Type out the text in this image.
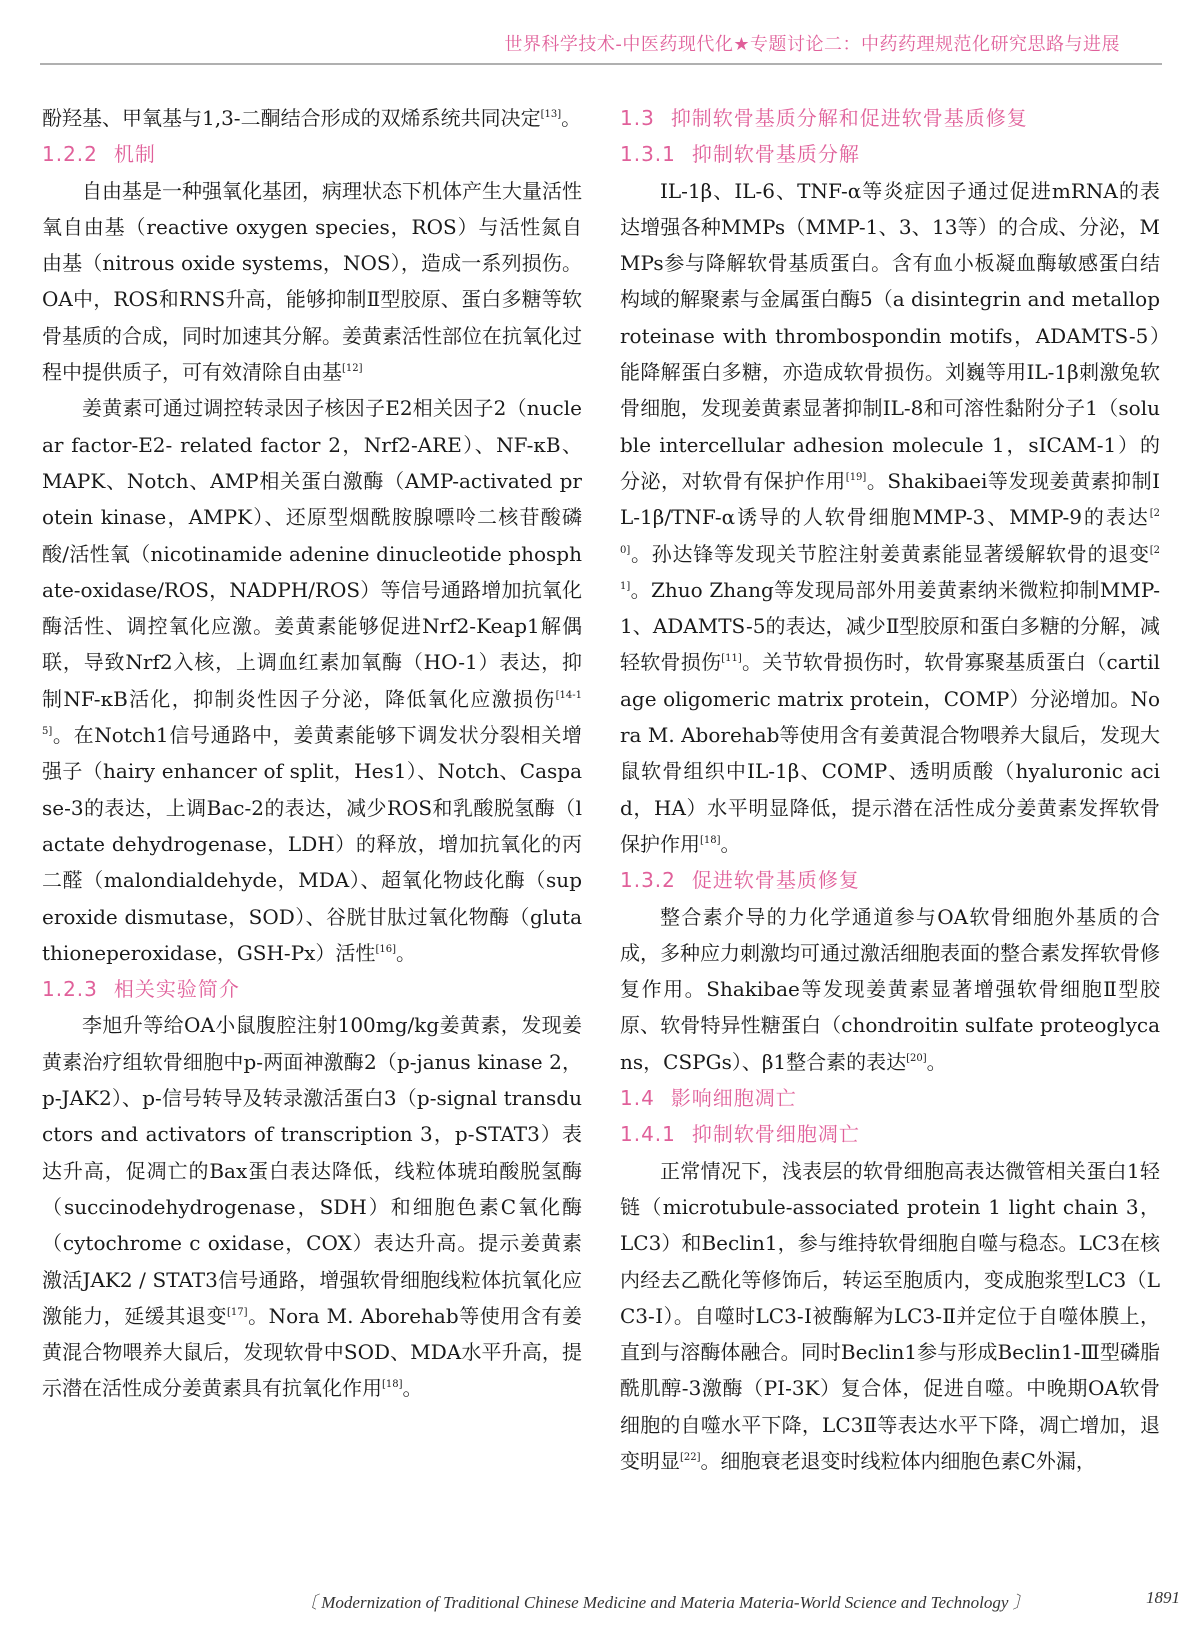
世界科学技术-中医药现代化★专题讨论二：中药药理规范化研究思路与进展

酚羟基、甲氧基与1,3-二酮结合形成的双烯系统共同决定[13]。

1.2.2 机制

自由基是一种强氧化基团，病理状态下机体产生大量活性氧自由基（reactive oxygen species，ROS）与活性氮自由基（nitrous oxide systems，NOS），造成一系列损伤。OA中，ROS和RNS升高，能够抑制Ⅱ型胶原、蛋白多糖等软骨基质的合成，同时加速其分解。姜黄素活性部位在抗氧化过程中提供质子，可有效清除自由基[12]

姜黄素可通过调控转录因子核因子E2相关因子2（nuclear factor-E2- related factor 2，Nrf2-ARE）、NF-κB、MAPK、Notch、AMP相关蛋白激酶（AMP-activated protein kinase，AMPK）、还原型烟酰胺腺嘌呤二核苷酸磷酸/活性氧（nicotinamide adenine dinucleotide phosphate-oxidase/ROS，NADPH/ROS）等信号通路增加抗氧化酶活性、调控氧化应激。姜黄素能够促进Nrf2-Keap1解偶联，导致Nrf2入核，上调血红素加氧酶（HO-1）表达，抑制NF-κB活化，抑制炎性因子分泌，降低氧化应激损伤[14-15]。在Notch1信号通路中，姜黄素能够下调发状分裂相关增强子（hairy enhancer of split，Hes1）、Notch、Caspase-3的表达，上调Bac-2的表达，减少ROS和乳酸脱氢酶（lactate dehydrogenase，LDH）的释放，增加抗氧化的丙二醛（malondialdehyde，MDA）、超氧化物歧化酶（superoxide dismutase，SOD）、谷胱甘肽过氧化物酶（glutathioneperoxidase，GSH-Px）活性[16]。

1.2.3 相关实验简介

李旭升等给OA小鼠腹腔注射100mg/kg姜黄素，发现姜黄素治疗组软骨细胞中p-两面神激酶2（p-janus kinase 2，p-JAK2）、p-信号转导及转录激活蛋白3（p-signal transductors and activators of transcription 3，p-STAT3）表达升高，促凋亡的Bax蛋白表达降低，线粒体琥珀酸脱氢酶（succinodehydrogenase，SDH）和细胞色素C氧化酶（cytochrome c oxidase，COX）表达升高。提示姜黄素激活JAK2 / STAT3信号通路，增强软骨细胞线粒体抗氧化应激能力，延缓其退变[17]。Nora M. Aborehab等使用含有姜黄混合物喂养大鼠后，发现软骨中SOD、MDA水平升高，提示潜在活性成分姜黄素具有抗氧化作用[18]。

1.3 抑制软骨基质分解和促进软骨基质修复
1.3.1 抑制软骨基质分解

IL-1β、IL-6、TNF-α等炎症因子通过促进mRNA的表达增强各种MMPs（MMP-1、3、13等）的合成、分泌，MMPs参与降解软骨基质蛋白。含有血小板凝血酶敏感蛋白结构域的解聚素与金属蛋白酶5（a disintegrin and metalloproteinase with thrombospondin motifs，ADAMTS-5）能降解蛋白多糖，亦造成软骨损伤。刘巍等用IL-1β刺激兔软骨细胞，发现姜黄素显著抑制IL-8和可溶性黏附分子1（soluble intercellular adhesion molecule 1，sICAM-1）的分泌，对软骨有保护作用[19]。Shakibaei等发现姜黄素抑制IL-1β/TNF-α诱导的人软骨细胞MMP-3、MMP-9的表达[20]。孙达锋等发现关节腔注射姜黄素能显著缓解软骨的退变[21]。Zhuo Zhang等发现局部外用姜黄素纳米微粒抑制MMP-1、ADAMTS-5的表达，减少Ⅱ型胶原和蛋白多糖的分解，减轻软骨损伤[11]。关节软骨损伤时，软骨寡聚基质蛋白（cartilage oligomeric matrix protein，COMP）分泌增加。Nora M. Aborehab等使用含有姜黄混合物喂养大鼠后，发现大鼠软骨组织中IL-1β、COMP、透明质酸（hyaluronic acid，HA）水平明显降低，提示潜在活性成分姜黄素发挥软骨保护作用[18]。

1.3.2 促进软骨基质修复

整合素介导的力化学通道参与OA软骨细胞外基质的合成，多种应力刺激均可通过激活细胞表面的整合素发挥软骨修复作用。Shakibae等发现姜黄素显著增强软骨细胞Ⅱ型胶原、软骨特异性糖蛋白（chondroitin sulfate proteoglycans，CSPGs）、β1整合素的表达[20]。

1.4 影响细胞凋亡
1.4.1 抑制软骨细胞凋亡

正常情况下，浅表层的软骨细胞高表达微管相关蛋白1轻链（microtubule-associated protein 1 light chain 3，LC3）和Beclin1，参与维持软骨细胞自噬与稳态。LC3在核内经去乙酰化等修饰后，转运至胞质内，变成胞浆型LC3（LC3-Ⅰ）。自噬时LC3-Ⅰ被酶解为LC3-Ⅱ并定位于自噬体膜上，直到与溶酶体融合。同时Beclin1参与形成Beclin1-Ⅲ型磷脂酰肌醇-3激酶（PI-3K）复合体，促进自噬。中晚期OA软骨细胞的自噬水平下降，LC3Ⅱ等表达水平下降，凋亡增加，退变明显[22]。细胞衰老退变时线粒体内细胞色素C外漏，

〔 Modernization of Traditional Chinese Medicine and Materia Materia-World Science and Technology 〕	1891
